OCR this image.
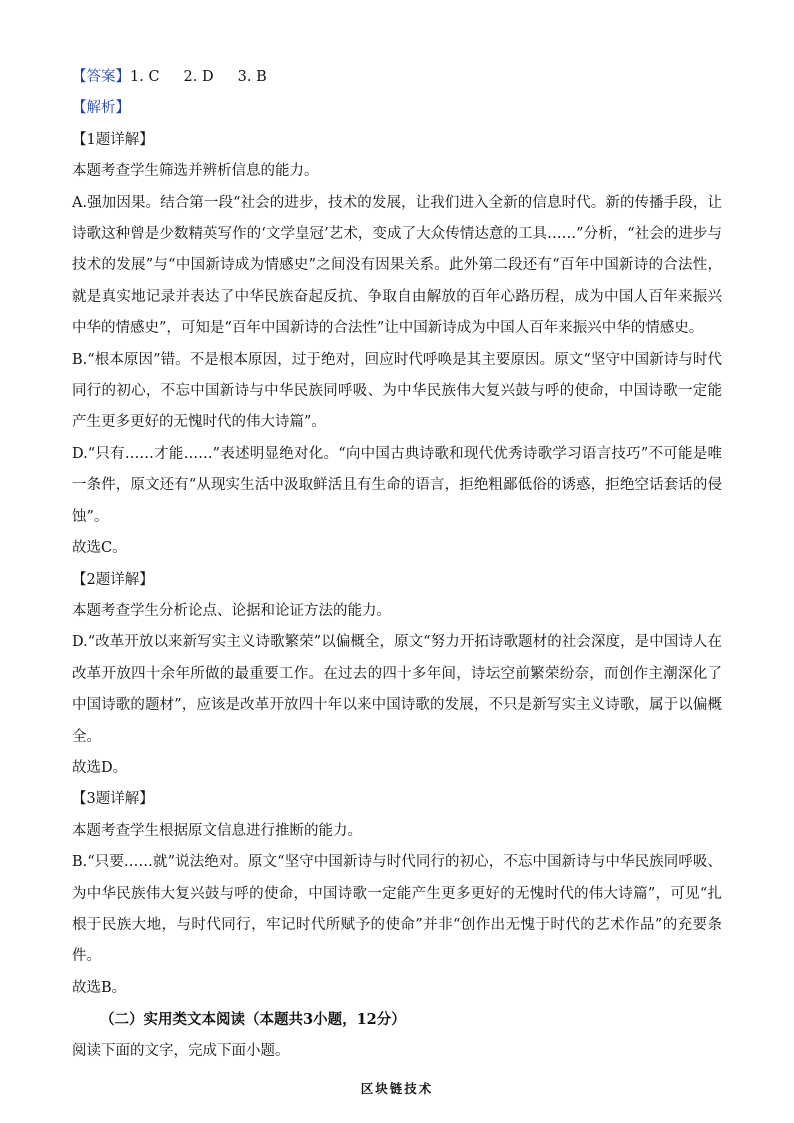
【答案】1. C 2. D 3. B
【解析】
【1题详解】
本题考查学生筛选并辨析信息的能力。
A.强加因果。结合第一段“社会的进步，技术的发展，让我们进入全新的信息时代。新的传播手段，让诗歌这种曾是少数精英写作的‘文学皇冠’艺术，变成了大众传情达意的工具……”分析，“社会的进步与技术的发展”与“中国新诗成为情感史”之间没有因果关系。此外第二段还有“百年中国新诗的合法性，就是真实地记录并表达了中华民族奋起反抗、争取自由解放的百年心路历程，成为中国人百年来振兴中华的情感史”，可知是“百年中国新诗的合法性”让中国新诗成为中国人百年来振兴中华的情感史。
B.“根本原因”错。不是根本原因，过于绝对，回应时代呼唤是其主要原因。原文“坚守中国新诗与时代同行的初心，不忘中国新诗与中华民族同呼吸、为中华民族伟大复兴鼓与呼的使命，中国诗歌一定能产生更多更好的无愧时代的伟大诗篇”。
D.“只有……才能……”表述明显绝对化。“向中国古典诗歌和现代优秀诗歌学习语言技巧”不可能是唯一条件，原文还有“从现实生活中汲取鲜活且有生命的语言，拒绝粗鄙低俗的诱惑，拒绝空话套话的侵蚀”。
故选C。
【2题详解】
本题考查学生分析论点、论据和论证方法的能力。
D.“改革开放以来新写实主义诗歌繁荣”以偏概全，原文“努力开拓诗歌题材的社会深度，是中国诗人在改革开放四十余年所做的最重要工作。在过去的四十多年间，诗坛空前繁荣纷奈，而创作主潮深化了中国诗歌的题材”，应该是改革开放四十年以来中国诗歌的发展，不只是新写实主义诗歌，属于以偏概全。
故选D。
【3题详解】
本题考查学生根据原文信息进行推断的能力。
B.“只要……就”说法绝对。原文“坚守中国新诗与时代同行的初心，不忘中国新诗与中华民族同呼吸、为中华民族伟大复兴鼓与呼的使命，中国诗歌一定能产生更多更好的无愧时代的伟大诗篇”，可见“扎根于民族大地，与时代同行，牢记时代所赋予的使命”并非“创作出无愧于时代的艺术作品”的充要条件。
故选B。
（二）实用类文本阅读（本题共3小题，12分）
阅读下面的文字，完成下面小题。
区块链技术
